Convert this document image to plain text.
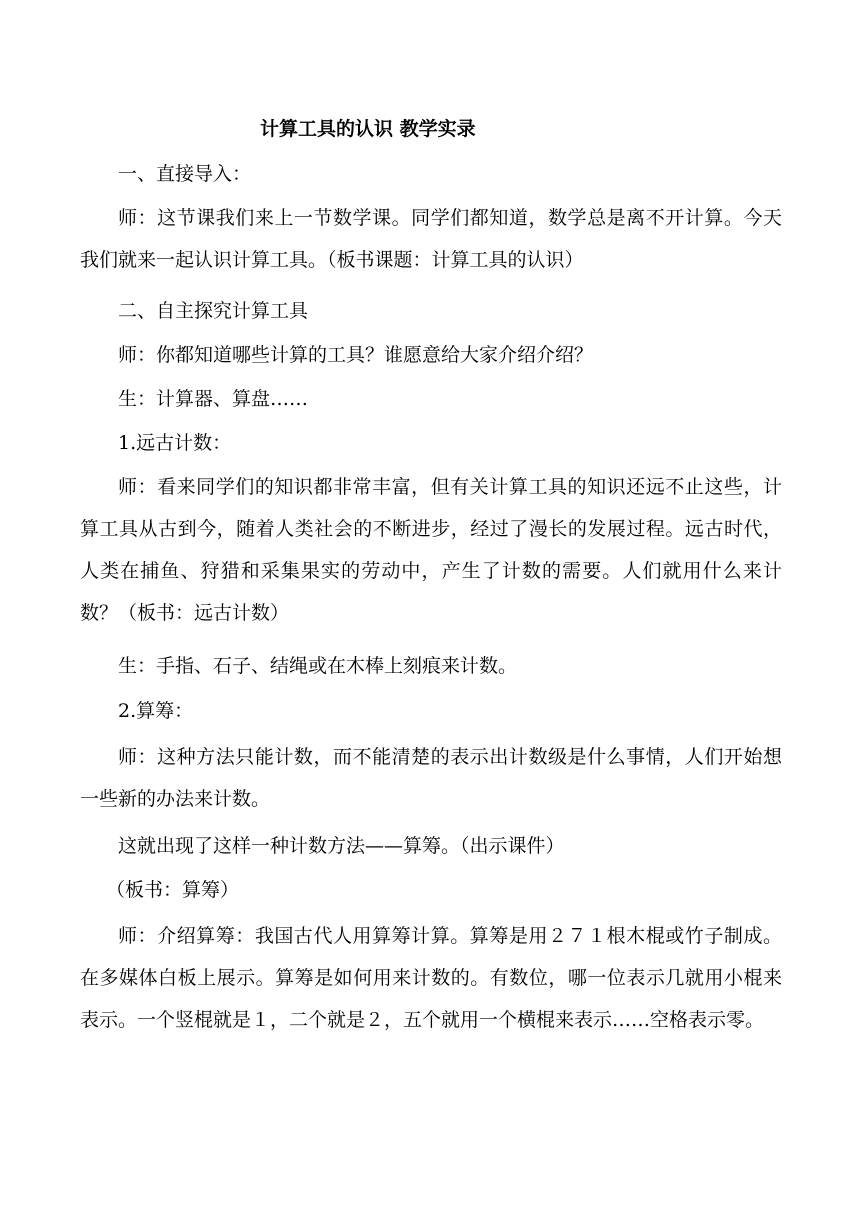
计算工具的认识 教学实录

一、直接导入：

师：这节课我们来上一节数学课。同学们都知道，数学总是离不开计算。今天我们就来一起认识计算工具。（板书课题：计算工具的认识）

二、自主探究计算工具

师：你都知道哪些计算的工具？谁愿意给大家介绍介绍？

生：计算器、算盘……

1.远古计数：

师：看来同学们的知识都非常丰富，但有关计算工具的知识还远不止这些，计算工具从古到今，随着人类社会的不断进步，经过了漫长的发展过程。远古时代，人类在捕鱼、狩猎和采集果实的劳动中，产生了计数的需要。人们就用什么来计数？（板书：远古计数）

生：手指、石子、结绳或在木棒上刻痕来计数。

2.算筹：

师：这种方法只能计数，而不能清楚的表示出计数级是什么事情，人们开始想一些新的办法来计数。

这就出现了这样一种计数方法——算筹。（出示课件）

（板书：算筹）

师：介绍算筹：我国古代人用算筹计算。算筹是用２７１根木棍或竹子制成。在多媒体白板上展示。算筹是如何用来计数的。有数位，哪一位表示几就用小棍来表示。一个竖棍就是１，二个就是２，五个就用一个横棍来表示……空格表示零。
